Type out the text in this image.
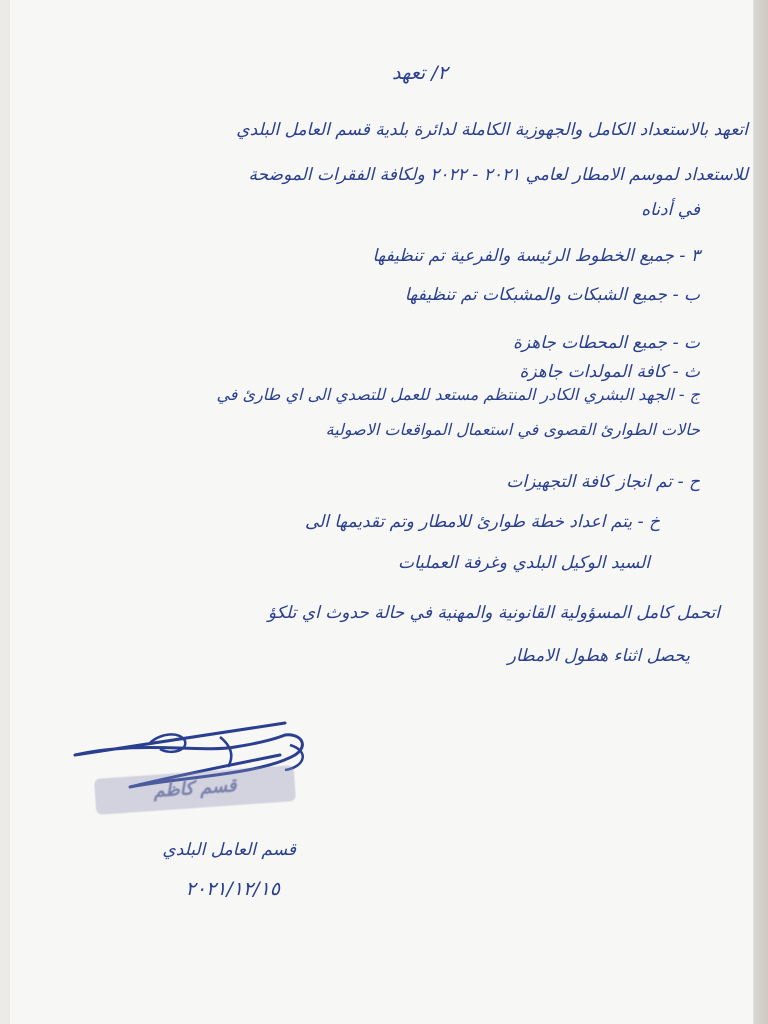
٢/ تعهد
اتعهد بالاستعداد الكامل والجهوزية الكاملة لدائرة بلدية قسم العامل البلدي
للاستعداد لموسم الامطار لعامي ٢٠٢١ - ٢٠٢٢ ولكافة الفقرات الموضحة
في أدناه
٣ - جميع الخطوط الرئيسة والفرعية تم تنظيفها
ب - جميع الشبكات والمشبكات تم تنظيفها
ت - جميع المحطات جاهزة
ث - كافة المولدات جاهزة
ج - الجهد البشري الكادر المنتظم مستعد للعمل للتصدي الى اي طارئ في
حالات الطوارئ القصوى في استعمال المواقعات الاصولية
ح - تم انجاز كافة التجهيزات
خ - يتم اعداد خطة طوارئ للامطار وتم تقديمها الى
السيد الوكيل البلدي وغرفة العمليات
اتحمل كامل المسؤولية القانونية والمهنية في حالة حدوث اي تلكؤ
يحصل اثناء هطول الامطار
قسم كاظم
قسم العامل البلدي
٢٠٢١/١٢/١٥
